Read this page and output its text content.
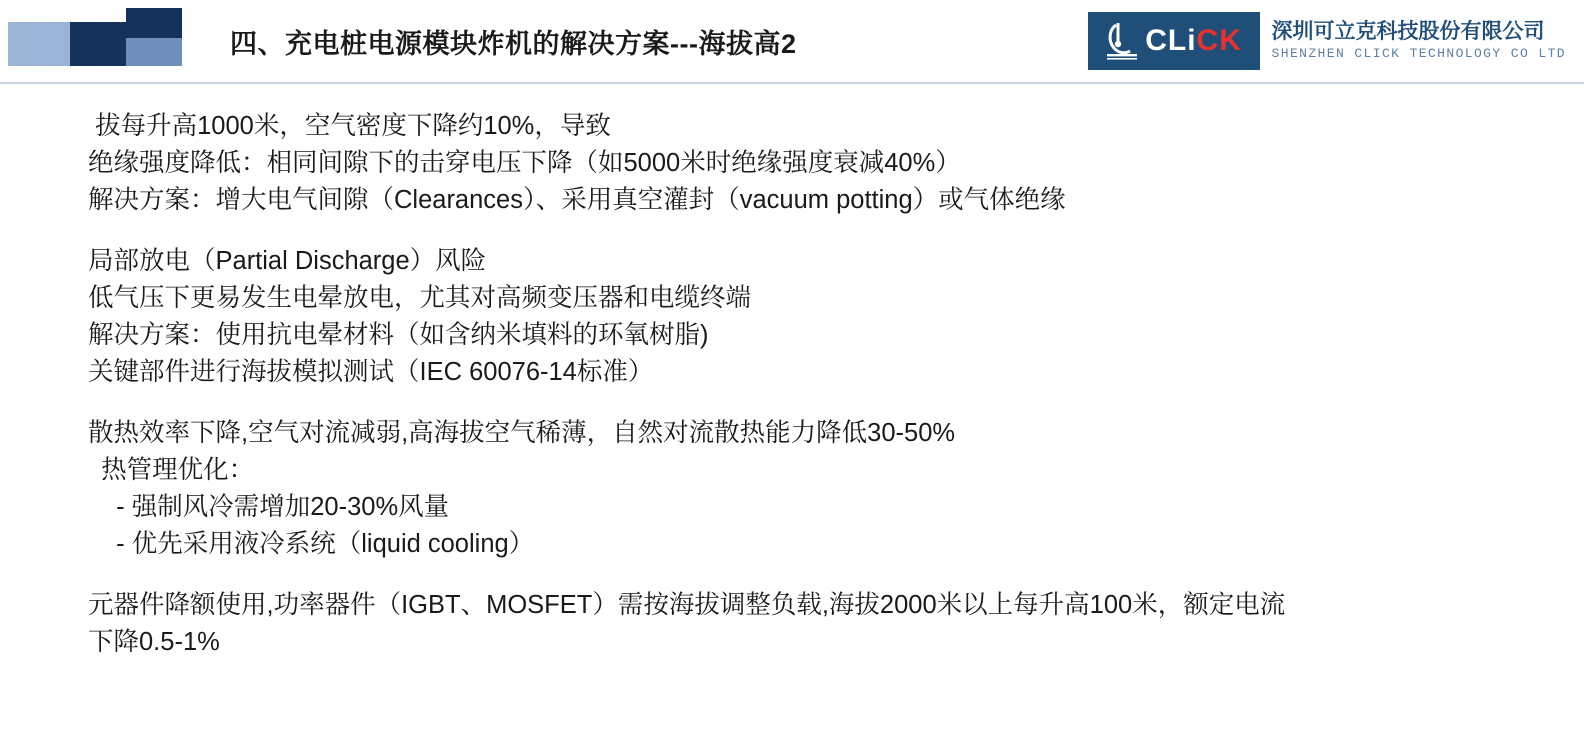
四、充电桩电源模块炸机的解决方案---海拔高2	CLiCK 深圳可立克科技股份有限公司
SHENZHEN CLICK TECHNOLOGY CO LTD
拔每升高1000米，空气密度下降约10%，导致
绝缘强度降低：相同间隙下的击穿电压下降（如5000米时绝缘强度衰减40%）
解决方案：增大电气间隙（Clearances）、采用真空灌封（vacuum potting）或气体绝缘
局部放电（Partial Discharge）风险
低气压下更易发生电晕放电，尤其对高频变压器和电缆终端
解决方案：使用抗电晕材料（如含纳米填料的环氧树脂)
关键部件进行海拔模拟测试（IEC 60076-14标准）
散热效率下降,空气对流减弱,高海拔空气稀薄，自然对流散热能力降低30-50%
热管理优化：
- 强制风冷需增加20-30%风量
- 优先采用液冷系统（liquid cooling）
元器件降额使用,功率器件（IGBT、MOSFET）需按海拔调整负载,海拔2000米以上每升高100米，额定电流
下降0.5-1%
